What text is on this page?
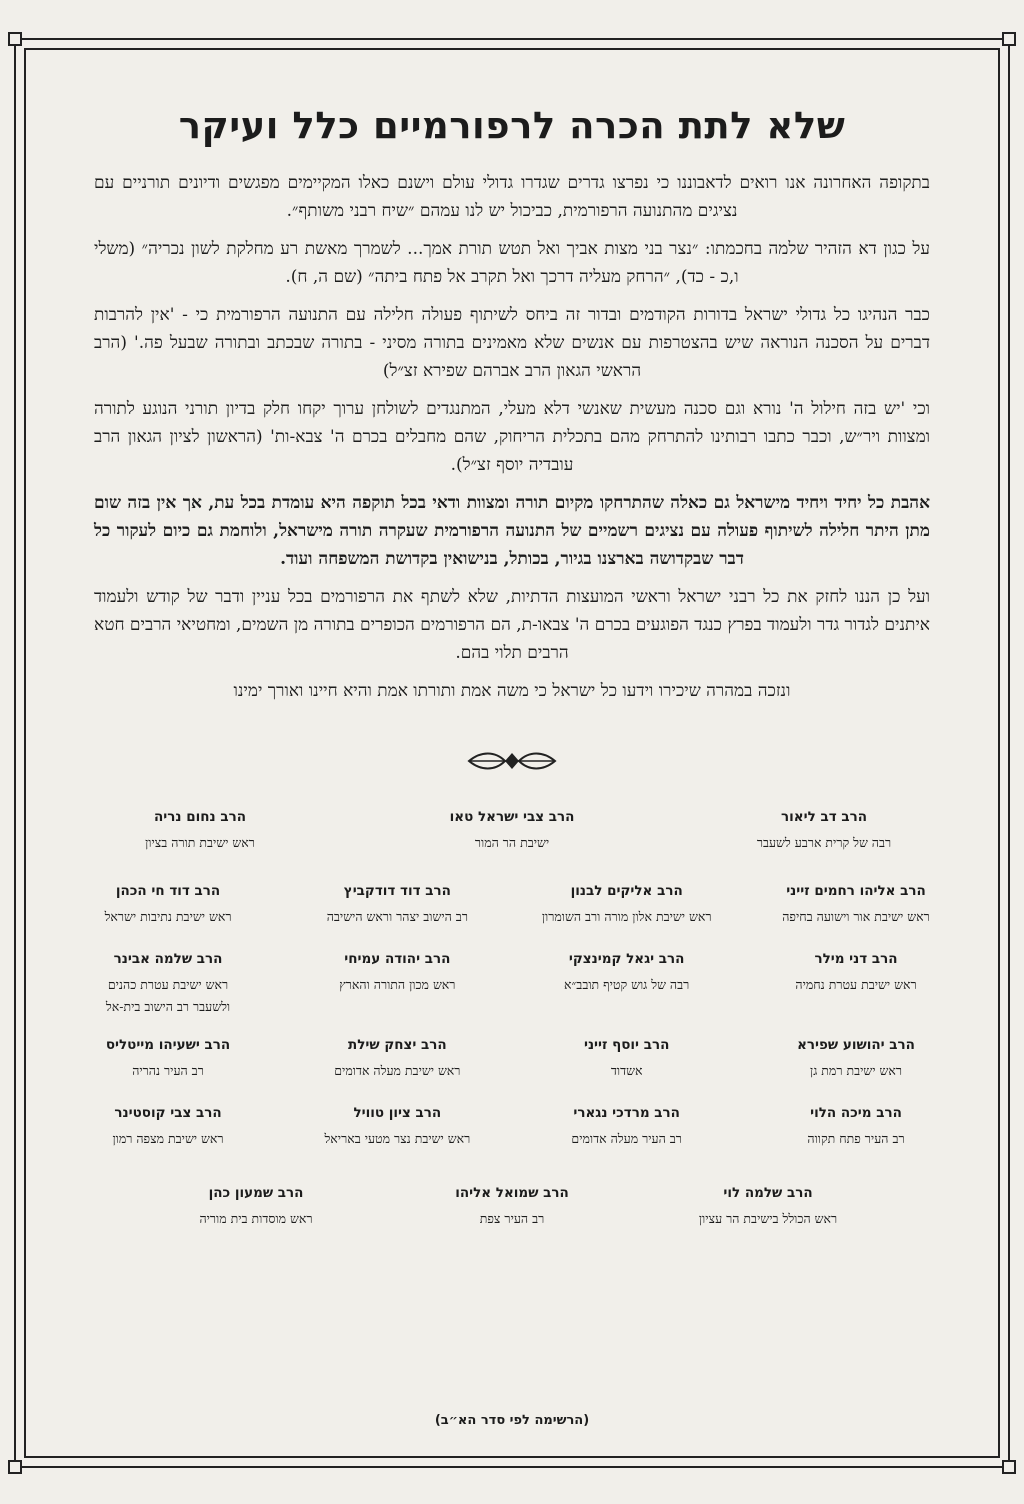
שלא לתת הכרה לרפורמיים כלל ועיקר

בתקופה האחרונה אנו רואים לדאבוננו כי נפרצו גדרים שגדרו גדולי עולם וישנם כאלו המקיימים מפגשים ודיונים תורניים עם נציגים מהתנועה הרפורמית, כביכול יש לנו עמהם ״שיח רבני משותף״.

על כגון דא הזהיר שלמה בחכמתו: ״נצר בני מצות אביך ואל תטש תורת אמך... לשמרך מאשת רע מחלקת לשון נכריה״ (משלי ו,כ - כד), ״הרחק מעליה דרכך ואל תקרב אל פתח ביתה״ (שם ה, ח).

כבר הנהיגו כל גדולי ישראל בדורות הקודמים ובדור זה ביחס לשיתוף פעולה חלילה עם התנועה הרפורמית כי - 'אין להרבות דברים על הסכנה הנוראה שיש בהצטרפות עם אנשים שלא מאמינים בתורה מסיני - בתורה שבכתב ובתורה שבעל פה.' (הרב הראשי הגאון הרב אברהם שפירא זצ״ל)

וכי 'יש בזה חילול ה' נורא וגם סכנה מעשית שאנשי דלא מעלי, המתנגדים לשולחן ערוך יקחו חלק בדיון תורני הנוגע לתורה ומצוות ויר״ש, וכבר כתבו רבותינו להתרחק מהם בתכלית הריחוק, שהם מחבלים בכרם ה' צבא-ות' (הראשון לציון הגאון הרב עובדיה יוסף זצ״ל).

אהבת כל יחיד ויחיד מישראל גם כאלה שהתרחקו מקיום תורה ומצוות ודאי בכל תוקפה היא עומדת בכל עת, אך אין בזה שום מתן היתר חלילה לשיתוף פעולה עם נציגים רשמיים של התנועה הרפורמית שעקרה תורה מישראל, ולוחמת גם כיום לעקור כל דבר שבקדושה בארצנו בגיור, בכותל, בנישואין בקדושת המשפחה ועוד.

ועל כן הננו לחזק את כל רבני ישראל וראשי המועצות הדתיות, שלא לשתף את הרפורמים בכל עניין ודבר של קודש ולעמוד איתנים לגדור גדר ולעמוד בפרץ כנגד הפוגעים בכרם ה' צבאו-ת, הם הרפורמים הכופרים בתורה מן השמים, ומחטיאי הרבים חטא הרבים תלוי בהם.

ונזכה במהרה שיכירו וידעו כל ישראל כי משה אמת ותורתו אמת והיא חיינו ואורך ימינו

הרב דב ליאור
רבה של קרית ארבע לשעבר
הרב צבי ישראל טאו
ישיבת הר המור
הרב נחום נריה
ראש ישיבת תורה בציון
הרב אליהו רחמים זייני
ראש ישיבת אור וישועה בחיפה
הרב אליקים לבנון
ראש ישיבת אלון מורה ורב השומרון
הרב דוד דודקביץ
רב הישוב יצהר וראש הישיבה
הרב דוד חי הכהן
ראש ישיבת נתיבות ישראל
הרב דני מילר
ראש ישיבת עטרת נחמיה
הרב יגאל קמינצקי
רבה של גוש קטיף תובב״א
הרב יהודה עמיחי
ראש מכון התורה והארץ
הרב שלמה אבינר
ראש ישיבת עטרת כהנים
ולשעבר רב הישוב בית-אל
הרב יהושוע שפירא
ראש ישיבת רמת גן
הרב יוסף זייני
אשדוד
הרב יצחק שילת
ראש ישיבת מעלה אדומים
הרב ישעיהו מייטליס
רב העיר נהריה
הרב מיכה הלוי
רב העיר פתח תקווה
הרב מרדכי נגארי
רב העיר מעלה אדומים
הרב ציון טוויל
ראש ישיבת נצר מטעי באריאל
הרב צבי קוסטינר
ראש ישיבת מצפה רמון
הרב שלמה לוי
ראש הכולל בישיבת הר עציון
הרב שמואל אליהו
רב העיר צפת
הרב שמעון כהן
ראש מוסדות בית מוריה
(הרשימה לפי סדר הא״ב)
